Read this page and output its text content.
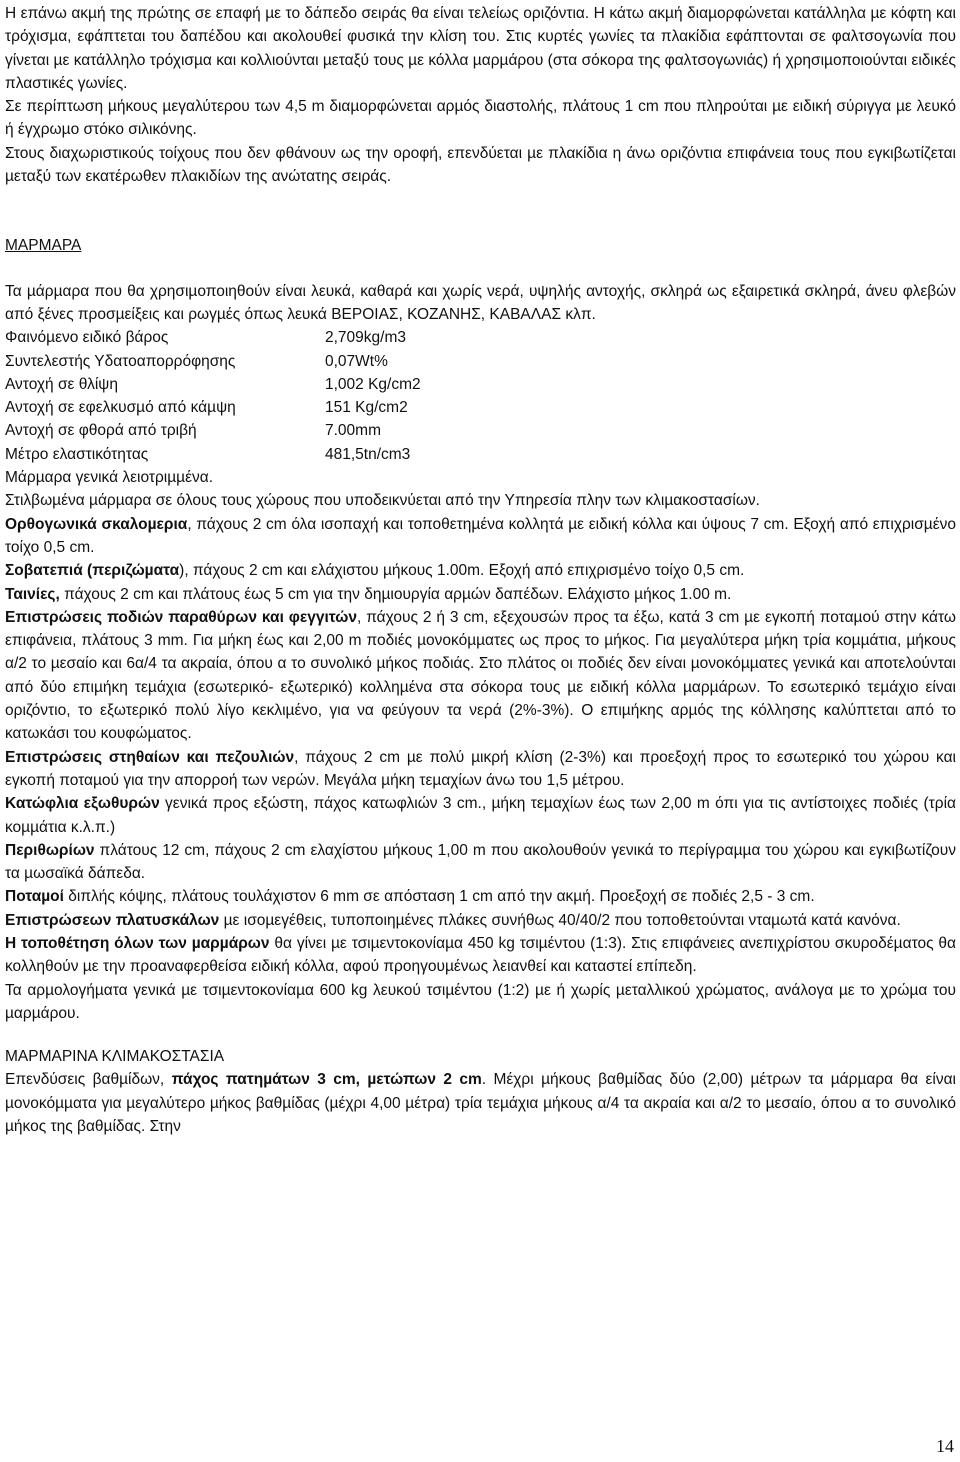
Η επάνω ακµή της πρώτης σε επαφή µε το δάπεδο σειράς θα είναι τελείως οριζόντια. Η κάτω ακµή διαµορφώνεται κατάλληλα µε κόφτη και τρόχισµα, εφάπτεται του δαπέδου και ακολουθεί φυσικά την κλίση του. Στις κυρτές γωνίες τα πλακίδια εφάπτονται σε φαλτσογωνία που γίνεται µε κατάλληλο τρόχισµα και κολλιούνται µεταξύ τους µε κόλλα µαρµάρου (στα σόκορα της φαλτσογωνιάς) ή χρησιµοποιούνται ειδικές πλαστικές γωνίες.

Σε περίπτωση µήκους µεγαλύτερου των 4,5 m διαµορφώνεται αρµός διαστολής, πλάτους 1 cm που πληρούται µε ειδική σύριγγα µε λευκό ή έγχρωµο στόκο σιλικόνης.

Στους διαχωριστικούς τοίχους που δεν φθάνουν ως την οροφή, επενδύεται µε πλακίδια η άνω οριζόντια επιφάνεια τους που εγκιβωτίζεται µεταξύ των εκατέρωθεν πλακιδίων της ανώτατης σειράς.

ΜΑΡΜΑΡΑ

Τα µάρµαρα που θα χρησιµοποιηθούν είναι λευκά, καθαρά και χωρίς νερά, υψηλής αντοχής, σκληρά ως εξαιρετικά σκληρά, άνευ φλεβών από ξένες προσµείξεις και ρωγµές όπως λευκά ΒΕΡΟΙΑΣ, ΚΟΖΑΝΗΣ, ΚΑΒΑΛΑΣ κλπ.

Φαινόµενο ειδικό βάρος	2,709kg/m3
Συντελεστής Υδατοαπορρόφησης	0,07Wt%
Αντοχή σε θλίψη	1,002 Kg/cm2
Αντοχή σε εφελκυσµό από κάµψη	151 Kg/cm2
Αντοχή σε φθορά από τριβή	7.00mm
Μέτρο ελαστικότητας	481,5tn/cm3

Μάρµαρα γενικά λειοτριµµένα.

Στιλβωµένα µάρµαρα σε όλους τους χώρους που υποδεικνύεται από την Υπηρεσία πλην των κλιµακοστασίων.

Ορθογωνικά σκαλοµερια, πάχους 2 cm όλα ισοπαχή και τοποθετηµένα κολλητά µε ειδική κόλλα και ύψους 7 cm. Εξοχή από επιχρισµένο τοίχο 0,5 cm.

Σοβατεπιά (περιζώµατα), πάχους 2 cm και ελάχιστου µήκους 1.00m. Εξοχή από επιχρισµένο τοίχο 0,5 cm.

Ταινίες, πάχους 2 cm και πλάτους έως 5 cm για την δηµιουργία αρµών δαπέδων. Ελάχιστο µήκος 1.00 m.

Επιστρώσεις ποδιών παραθύρων και φεγγιτών, πάχους 2 ή 3 cm, εξεχουσών προς τα έξω, κατά 3 cm µε εγκοπή ποταµού στην κάτω επιφάνεια, πλάτους 3 mm. Για µήκη έως και 2,00 m ποδιές µονοκόµµατες ως προς το µήκος. Για µεγαλύτερα µήκη τρία κοµµάτια, µήκους α/2 το µεσαίο και 6α/4 τα ακραία, όπου α το συνολικό µήκος ποδιάς. Στο πλάτος οι ποδιές δεν είναι µονοκόµµατες γενικά και αποτελούνται από δύο επιµήκη τεµάχια (εσωτερικό- εξωτερικό) κολληµένα στα σόκορα τους µε ειδική κόλλα µαρµάρων. Το εσωτερικό τεµάχιο είναι οριζόντιο, το εξωτερικό πολύ λίγο κεκλιµένο, για να φεύγουν τα νερά (2%-3%). Ο επιµήκης αρµός της κόλλησης καλύπτεται από το κατωκάσι του κουφώµατος.

Επιστρώσεις στηθαίων και πεζουλιών, πάχους 2 cm µε πολύ µικρή κλίση (2-3%) και προεξοχή προς το εσωτερικό του χώρου και εγκοπή ποταµού για την απορροή των νερών. Μεγάλα µήκη τεµαχίων άνω του 1,5 µέτρου.

Κατώφλια εξωθυρών γενικά προς εξώστη, πάχος κατωφλιών 3 cm., µήκη τεµαχίων έως των 2,00 m όπι για τις αντίστοιχες ποδιές (τρία κοµµάτια κ.λ.π.)

Περιθωρίων πλάτους 12 cm, πάχους 2 cm ελαχίστου µήκους 1,00 m που ακολουθούν γενικά το περίγραµµα του χώρου και εγκιβωτίζουν τα µωσαϊκά δάπεδα.

Ποταµοί διπλής κόψης, πλάτους τουλάχιστον 6 mm σε απόσταση 1 cm από την ακµή. Προεξοχή σε ποδιές 2,5 - 3 cm.

Επιστρώσεων πλατυσκάλων µε ισοµεγέθεις, τυποποιηµένες πλάκες συνήθως 40/40/2 που τοποθετούνται νταµωτά κατά κανόνα.

Η τοποθέτηση όλων των µαρµάρων θα γίνει µε τσιµεντοκονίαµα 450 kg τσιµέντου (1:3). Στις επιφάνειες ανεπιχρίστου σκυροδέµατος θα κολληθούν µε την προαναφερθείσα ειδική κόλλα, αφού προηγουµένως λειανθεί και καταστεί επίπεδη.

Τα αρµολογήµατα γενικά µε τσιµεντοκονίαµα 600 kg λευκού τσιµέντου (1:2) µε ή χωρίς µεταλλικού χρώµατος, ανάλογα µε το χρώµα του µαρµάρου.

ΜΑΡΜΑΡΙΝΑ ΚΛΙΜΑΚΟΣΤΑΣΙΑ

Επενδύσεις βαθµίδων, πάχος πατηµάτων 3 cm, µετώπων 2 cm. Μέχρι µήκους βαθµίδας δύο (2,00) µέτρων τα µάρµαρα θα είναι µονοκόµµατα για µεγαλύτερο µήκος βαθµίδας (µέχρι 4,00 µέτρα) τρία τεµάχια µήκους α/4 τα ακραία και α/2 το µεσαίο, όπου α το συνολικό µήκος της βαθµίδας. Στην

14
